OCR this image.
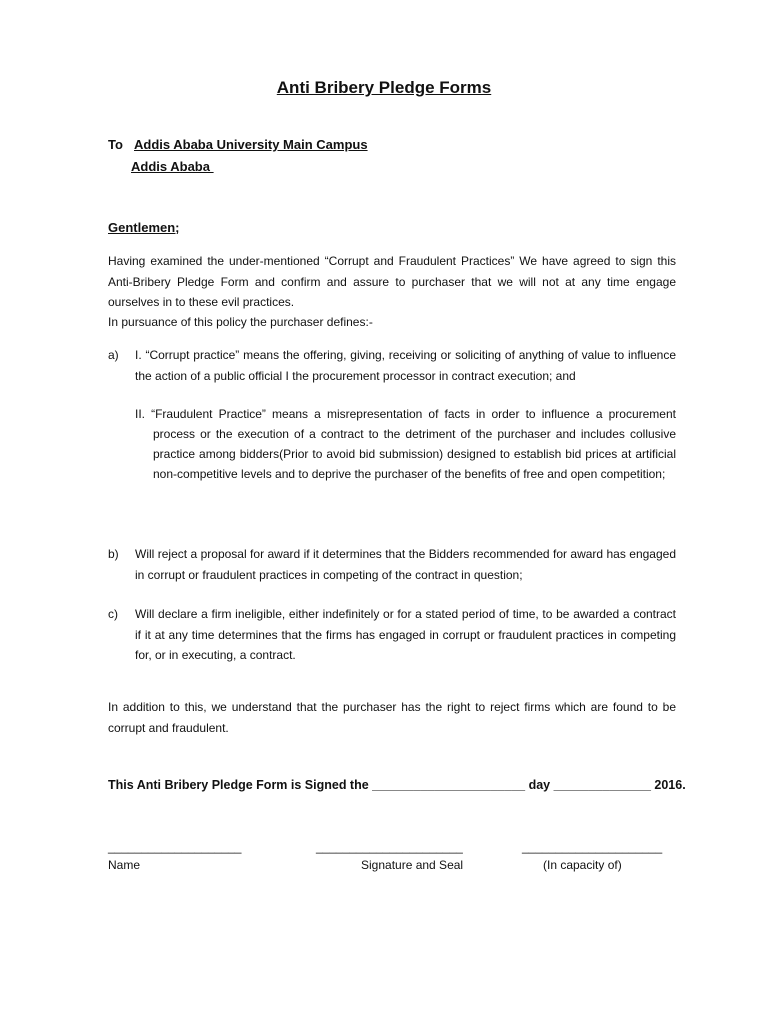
Anti Bribery Pledge Forms
To Addis Ababa University Main Campus
Addis Ababa
Gentlemen;
Having examined the under-mentioned “Corrupt and Fraudulent Practices” We have agreed to sign this Anti-Bribery Pledge Form and confirm and assure to purchaser that we will not at any time engage ourselves in to these evil practices.
In pursuance of this policy the purchaser defines:-
a) I. “Corrupt practice” means the offering, giving, receiving or soliciting of anything of value to influence the action of a public official I the procurement processor in contract execution; and
II. “Fraudulent Practice” means a misrepresentation of facts in order to influence a procurement
process or the execution of a contract to the detriment of the purchaser and includes collusive practice among bidders(Prior to avoid bid submission) designed to establish bid prices at artificial non-competitive levels and to deprive the purchaser of the benefits of free and open competition;
b) Will reject a proposal for award if it determines that the Bidders recommended for award has engaged in corrupt or fraudulent practices in competing of the contract in question;
c) Will declare a firm ineligible, either indefinitely or for a stated period of time, to be awarded a contract if it at any time determines that the firms has engaged in corrupt or fraudulent practices in competing for, or in executing, a contract.
In addition to this, we understand that the purchaser has the right to reject firms which are found to be corrupt and fraudulent.
This Anti Bribery Pledge Form is Signed the ______________________ day ______________ 2016.
____________________	______________________	_____________________
Name	Signature and Seal	(In capacity of)
